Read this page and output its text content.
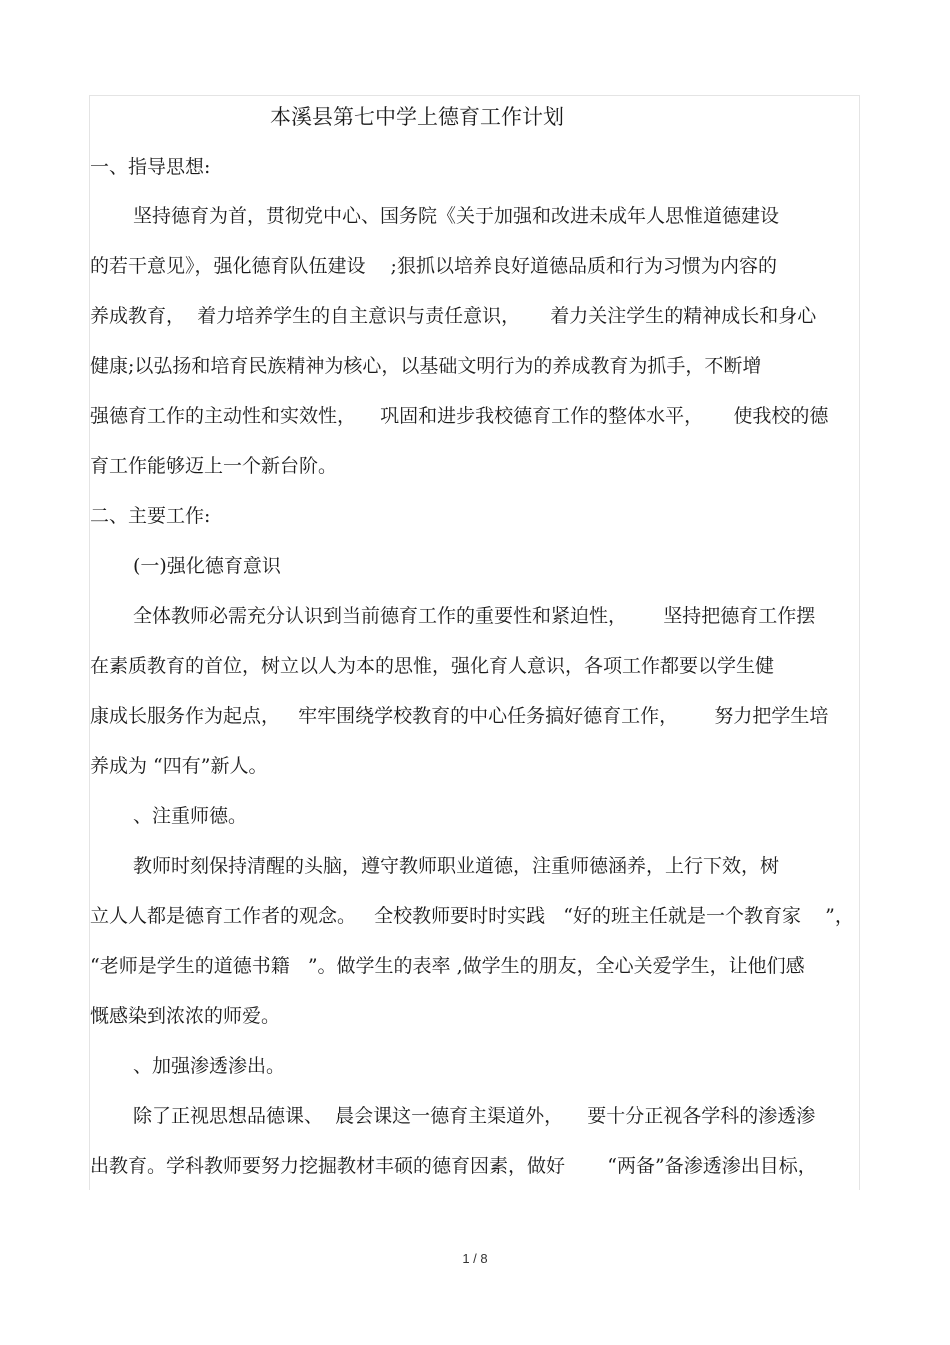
本溪县第七中学上德育工作计划
一、指导思想:
坚持德育为首，贯彻党中心、国务院《关于加强和改进未成年人思惟道德建设
的若干意见》，强化德育队伍建设　 ;狠抓以培养良好道德品质和行为习惯为内容的
养成教育，  着力培养学生的自主意识与责任意识，     着力关注学生的精神成长和身心
健康;以弘扬和培育民族精神为核心，以基础文明行为的养成教育为抓手，不断增
强德育工作的主动性和实效性，    巩固和进步我校德育工作的整体水平，     使我校的德
育工作能够迈上一个新台阶。
二、主要工作:
(一)强化德育意识
全体教师必需充分认识到当前德育工作的重要性和紧迫性，      坚持把德育工作摆
在素质教育的首位，树立以人为本的思惟，强化育人意识，各项工作都要以学生健
康成长服务作为起点，   牢牢围绕学校教育的中心任务搞好德育工作，      努力把学生培
养成为 “四有”新人。
、注重师德。
教师时刻保持清醒的头脑，遵守教师职业道德，注重师德涵养，上行下效，树
立人人都是德育工作者的观念。   全校教师要时时实践   “好的班主任就是一个教育家    ”，
“老师是学生的道德书籍   ”。做学生的表率 ,做学生的朋友，全心关爱学生，让他们感
慨感染到浓浓的师爱。
、加强渗透渗出。
除了正视思想品德课、  晨会课这一德育主渠道外，    要十分正视各学科的渗透渗
出教育。学科教师要努力挖掘教材丰硕的德育因素，做好       “两备”备渗透渗出目标，
1 / 8
